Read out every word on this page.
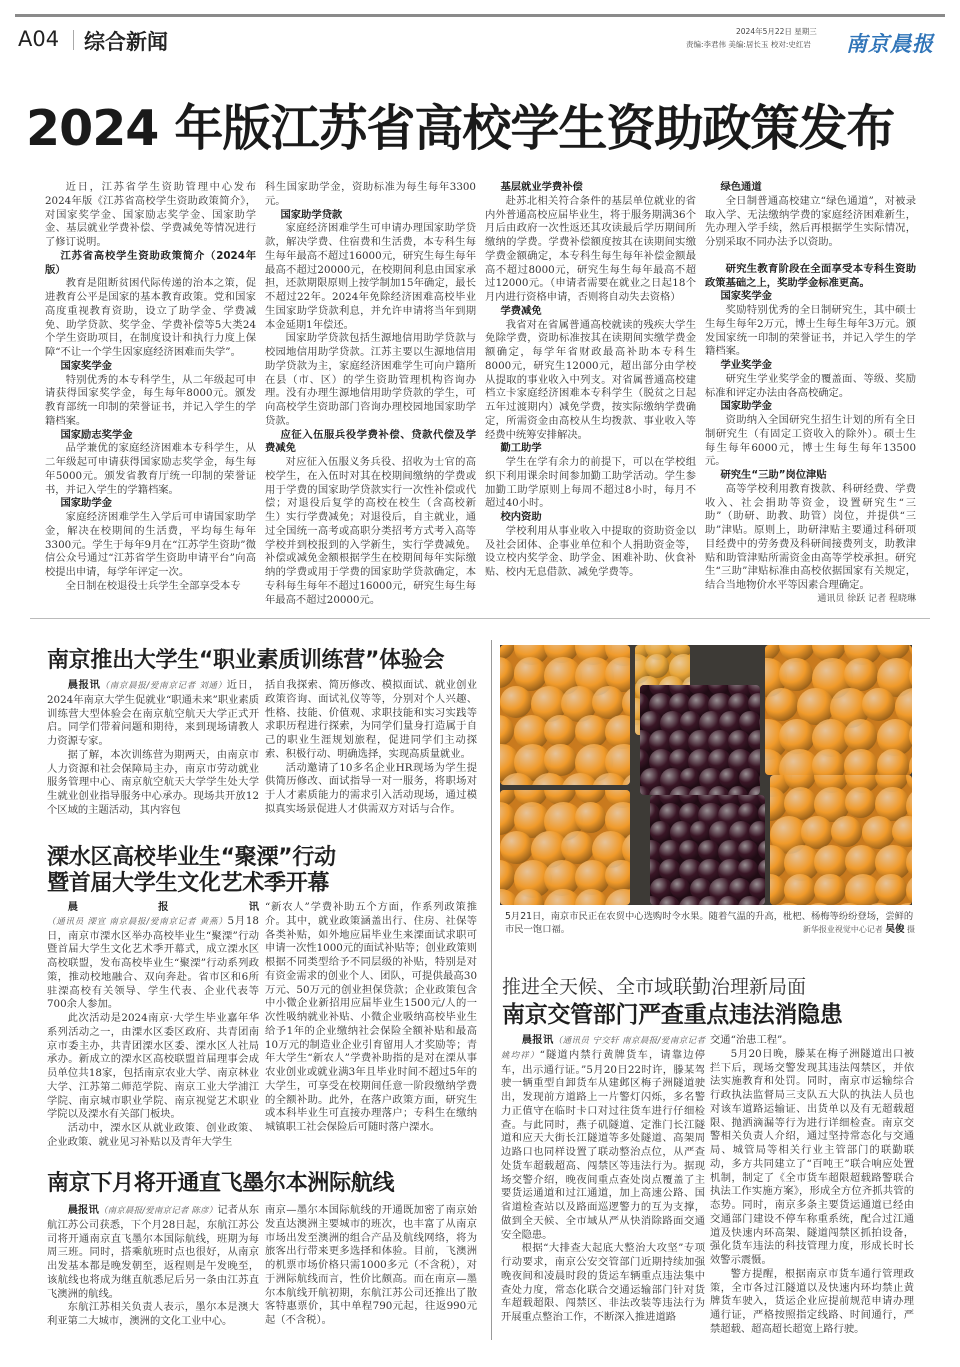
A04 综合新闻	2024年5月22日 星期三
责编:李君伟 美编:居长玉 校对:史红岩 南京晨报
2024 年版江苏省高校学生资助政策发布
南京推出大学生“职业素质训练营”体验会
溧水区高校毕业生“聚溧”行动
暨首届大学生文化艺术季开幕
南京下月将开通直飞墨尔本洲际航线
5月21日，南京市民正在农贸中心选购时令水果。随着气温的升高，枇杷、杨梅等纷纷登场，尝鲜的市民一饱口福。	新华报业视觉中心记者 吴俊 摄
推进全天候、全市域联勤治理新局面
南京交管部门严查重点违法消隐患

近日，江苏省学生资助管理中心发布2024年版《江苏省高校学生资助政策简介》，对国家奖学金、国家励志奖学金、国家助学金、基层就业学费补偿、学费减免等情况进行了修订说明。

江苏省高校学生资助政策简介（2024年版）

教育是阻断贫困代际传递的治本之策，促进教育公平是国家的基本教育政策。党和国家高度重视教育资助，设立了助学金、学费减免、助学贷款、奖学金、学费补偿等5大类24个学生资助项目，在制度设计和执行力度上保障“不让一个学生因家庭经济困难而失学”。

国家奖学金

特别优秀的本专科学生，从二年级起可申请获得国家奖学金，每生每年8000元。颁发教育部统一印制的荣誉证书，并记入学生的学籍档案。

国家励志奖学金

品学兼优的家庭经济困难本专科学生，从二年级起可申请获得国家励志奖学金，每生每年5000元。颁发省教育厅统一印制的荣誉证书，并记入学生的学籍档案。

国家助学金

家庭经济困难学生入学后可申请国家助学金，解决在校期间的生活费，平均每生每年3300元。学生于每年9月在“江苏学生资助”微信公众号通过“江苏省学生资助申请平台”向高校提出申请，每学年评定一次。

全日制在校退役士兵学生全部享受本专

科生国家助学金，资助标准为每生每年3300元。

国家助学贷款

家庭经济困难学生可申请办理国家助学贷款，解决学费、住宿费和生活费，本专科生每生每年最高不超过16000元，研究生每生每年最高不超过20000元，在校期间利息由国家承担，还款期限原则上按学制加15年确定，最长不超过22年。2024年免除经济困难高校毕业生国家助学贷款利息，并允许申请将当年到期本金延期1年偿还。

国家助学贷款包括生源地信用助学贷款与校园地信用助学贷款。江苏主要以生源地信用助学贷款为主，家庭经济困难学生可向户籍所在县（市、区）的学生资助管理机构咨询办理。没有办理生源地信用助学贷款的学生，可向高校学生资助部门咨询办理校园地国家助学贷款。

应征入伍服兵役学费补偿、贷款代偿及学费减免

对应征入伍服义务兵役、招收为士官的高校学生，在入伍时对其在校期间缴纳的学费或用于学费的国家助学贷款实行一次性补偿或代偿；对退役后复学的高校在校生（含高校新生）实行学费减免；对退役后，自主就业，通过全国统一高考或高职分类招考方式考入高等学校并到校报到的入学新生，实行学费减免。补偿或减免金额根据学生在校期间每年实际缴纳的学费或用于学费的国家助学贷款确定，本专科每生每年不超过16000元，研究生每生每年最高不超过20000元。

基层就业学费补偿

赴苏北相关符合条件的基层单位就业的省内外普通高校应届毕业生，将于服务期满36个月后由政府一次性返还其攻读最后学历期间所缴纳的学费。学费补偿额度按其在读期间实缴学费金额确定，本专科生每生每年补偿金额最高不超过8000元，研究生每生每年最高不超过12000元。（申请者需要在就业之日起18个月内进行资格申请，否则将自动失去资格）

学费减免

我省对在省属普通高校就读的残疾大学生免除学费，资助标准按其在读期间实缴学费金额确定，每学年省财政最高补助本专科生8000元，研究生12000元，超出部分由学校从提取的事业收入中列支。对省属普通高校建档立卡家庭经济困难本专科学生（脱贫之日起五年过渡期内）减免学费，按实际缴纳学费确定，所需资金由高校从生均拨款、事业收入等经费中统筹安排解决。

勤工助学

学生在学有余力的前提下，可以在学校组织下利用课余时间参加勤工助学活动。学生参加勤工助学原则上每周不超过8小时，每月不超过40小时。

校内资助

学校利用从事业收入中提取的资助资金以及社会团体、企事业单位和个人捐助资金等，设立校内奖学金、助学金、困难补助、伙食补贴、校内无息借款、减免学费等。

绿色通道

全日制普通高校建立“绿色通道”，对被录取入学、无法缴纳学费的家庭经济困难新生，先办理入学手续，然后再根据学生实际情况，分别采取不同办法予以资助。

研究生教育阶段在全面享受本专科生资助政策基础之上，奖助学金标准更高。
国家奖学金

奖励特别优秀的全日制研究生，其中硕士生每生每年2万元，博士生每生每年3万元。颁发国家统一印制的荣誉证书，并记入学生的学籍档案。

学业奖学金

研究生学业奖学金的覆盖面、等级、奖励标准和评定办法由各高校确定。

国家助学金

资助纳入全国研究生招生计划的所有全日制研究生（有固定工资收入的除外）。硕士生每生每年6000元，博士生每生每年13500元。

研究生“三助”岗位津贴

高等学校利用教育拨款、科研经费、学费收入、社会捐助等资金，设置研究生“三助”（助研、助教、助管）岗位，并提供“三助”津贴。原则上，助研津贴主要通过科研项目经费中的劳务费及科研间接费列支，助教津贴和助管津贴所需资金由高等学校承担。研究生“三助”津贴标准由高校依据国家有关规定，结合当地物价水平等因素合理确定。

通讯员 徐跃 记者 程晓琳

晨报讯（南京晨报/爱南京记者 刘通）近日，2024年南京大学生促就业“职通未来”职业素质训练营大型体验会在南京航空航天大学正式开启。同学们带着问题和期待，来到现场请教人力资源专家。

据了解，本次训练营为期两天，由南京市人力资源和社会保障局主办，南京市劳动就业服务管理中心、南京航空航天大学学生处大学生就业创业指导服务中心承办。现场共开放12个区域的主题活动，其内容包

括自我探索、简历修改、模拟面试、就业创业政策咨询、面试礼仪等等，分别对个人兴趣、性格、技能、价值观、求职技能和实习实践等求职历程进行探索，为同学们量身打造属于自己的职业生涯规划旅程，促进同学们主动探索、积极行动、明确选择，实现高质量就业。

活动邀请了10多名企业HR现场为学生提供简历修改、面试指导一对一服务，将职场对于人才素质能力的需求引入活动现场，通过模拟真实场景促进人才供需双方对话与合作。

晨报讯（通讯员 溧宣 南京晨报/爱南京记者 黄燕）5月18日，南京市溧水区举办高校毕业生“聚溧”行动暨首届大学生文化艺术季开幕式，成立溧水区高校联盟，发布高校毕业生“聚溧”行动系列政策，推动校地融合、双向奔赴。省市区和6所驻溧高校有关领导、学生代表、企业代表等700余人参加。

此次活动是2024南京·大学生毕业嘉年华系列活动之一，由溧水区委区政府、共青团南京市委主办，共青团溧水区委、溧水区人社局承办。新成立的溧水区高校联盟首届理事会成员单位共18家，包括南京农业大学、南京林业大学、江苏第二师范学院、南京工业大学浦江学院、南京城市职业学院、南京视觉艺术职业学院以及溧水有关部门板块。

活动中，溧水区从就业政策、创业政策、企业政策、就业见习补贴以及青年大学生

“新农人”学费补助五个方面，作系列政策推介。其中，就业政策涵盖出行、住房、社保等各类补贴，如外地应届毕业生来溧面试求职可申请一次性1000元的面试补贴等；创业政策则根据不同类型给予不同层级的补贴，特别是对有资金需求的创业个人、团队，可提供最高30万元、50万元的创业担保贷款；企业政策包含中小微企业新招用应届毕业生1500元/人的一次性吸纳就业补贴、小微企业吸纳高校毕业生给予1年的企业缴纳社会保险全额补贴和最高10万元的制造业企业引育留用人才奖励等；青年大学生“新农人”学费补助指的是对在溧从事农业创业或就业满3年且毕业时间不超过5年的大学生，可享受在校期间任意一阶段缴纳学费的全额补助。此外，在落户政策方面，研究生或本科毕业生可直接办理落户；专科生在缴纳城镇职工社会保险后可随时落户溧水。

晨报讯（南京晨报/爱南京记者 陈彦）记者从东航江苏公司获悉，下个月28日起，东航江苏公司将开通南京直飞墨尔本国际航线，班期为每周三班。同时，搭乘航班时点也很好，从南京出发基本都是晚发朝至，返程则是午发晚至，该航线也将成为继直航悉尼后另一条由江苏直飞澳洲的航线。

东航江苏相关负责人表示，墨尔本是澳大利亚第二大城市，澳洲的文化工业中心。

南京—墨尔本国际航线的开通既加密了南京始发直达澳洲主要城市的班次，也丰富了从南京市场出发至澳洲的组合产品及航线网络，将为旅客出行带来更多选择和体验。目前，飞澳洲的机票市场价格只需1000多元（不含税），对于洲际航线而言，性价比颇高。而在南京—墨尔本航线开航初期，东航江苏公司还推出了散客特惠票价，其中单程790元起，往返990元起（不含税）。

晨报讯（通讯员 宁交轩 南京晨报/爱南京记者 姚均祥）“隧道内禁行黄牌货车，请靠边停车，出示通行证。”5月20日22时许，滕某驾驶一辆重型自卸货车从建邺区梅子洲隧道驶出，发现前方道路上一片警灯闪烁，多名警力正值守在临时卡口对过往货车进行仔细检查。与此同时，燕子矶隧道、定淮门长江隧道和应天大街长江隧道等多处隧道、高架周边路口也同样设置了联动整治点位，从严查处货车超载超高、闯禁区等违法行为。据现场交警介绍，晚夜间重点查处岗点覆盖了主要货运通道和过江通道，加上高速公路、国省道检查站以及路面巡逻警力的互为支撑，做到全天候、全市域从严从快消除路面交通安全隐患。

根据“大排查大起底大整治大攻坚”专项行动要求，南京公安交管部门近期持续加强晚夜间和凌晨时段的货运车辆重点违法集中查处力度，常态化联合交通运输部门针对货车超载超限、闯禁区、非法改装等违法行为开展重点整治工作，不断深入推进道路

交通“治患工程”。

5月20日晚，滕某在梅子洲隧道出口被拦下后，现场交警发现其违法闯禁区，并依法实施教育和处罚。同时，南京市运输综合行政执法监督局三支队五大队的执法人员也对该车道路运输证、出货单以及有无超载超限、抛洒滴漏等行为进行详细检查。南京交警相关负责人介绍，通过坚持常态化与交通局、城管局等相关行业主管部门的联勤联动，多方共同建立了“百吨王”联合响应处置机制，制定了《全市货车超限超载路警联合执法工作实施方案》，形成全方位齐抓共管的态势。同时，南京多条主要货运通道已经由交通部门建设不停车称重系统，配合过江通道及快速内环高架、隧道闯禁区抓拍设备，强化货车违法的科技管理力度，形成长时长效警示震慑。

警方提醒，根据南京市货车通行管理政策，全市各过江隧道以及快速内环均禁止黄牌货车驶入，货运企业应提前规范申请办理通行证，严格按照指定线路、时间通行，严禁超载、超高超长超宽上路行驶。
